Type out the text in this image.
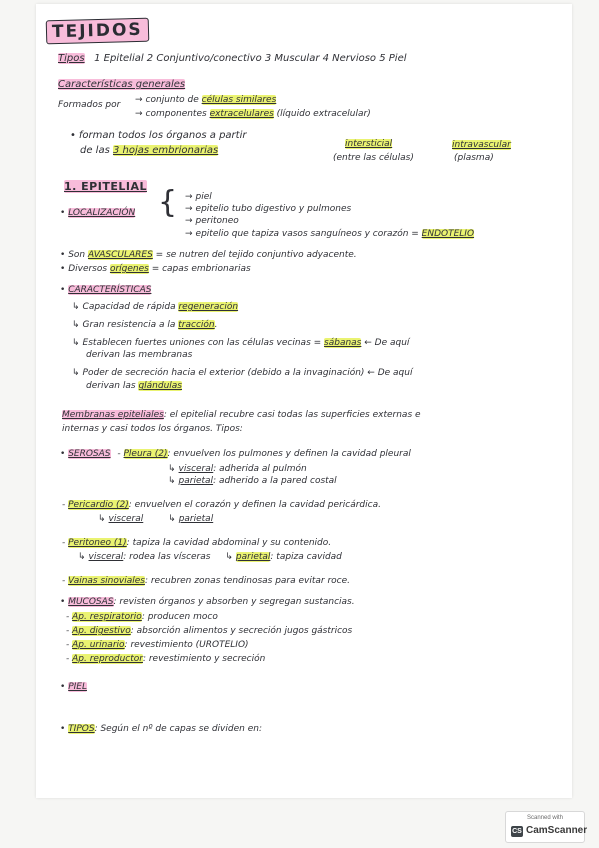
TEJIDOS
Tipos 1 Epitelial 2 Conjuntivo/conectivo 3 Muscular 4 Nervioso 5 Piel
Características generales
Formados por → conjunto de células similares
→ componentes extracelulares (líquido extracelular)
• forman todos los órganos a partir
de las 3 hojas embrionarias
intersticial
(entre las células)
intravascular
(plasma)
1. EPITELIAL
• LOCALIZACIÓN { → piel
→ epitelio tubo digestivo y pulmones
→ peritoneo
→ epitelio que tapiza vasos sanguíneos y corazón = ENDOTELIO
• Son AVASCULARES = se nutren del tejido conjuntivo adyacente.
• Diversos orígenes = capas embrionarias
• CARACTERÍSTICAS
↳ Capacidad de rápida regeneración
↳ Gran resistencia a la tracción.
↳ Establecen fuertes uniones con las células vecinas = sábanas ← De aquí
derivan las membranas
↳ Poder de secreción hacia el exterior (debido a la invaginación) ← De aquí
derivan las glándulas
Membranas epiteliales: el epitelial recubre casi todas las superficies externas e
internas y casi todos los órganos. Tipos:
• SEROSAS - Pleura (2): envuelven los pulmones y definen la cavidad pleural
↳ visceral: adherida al pulmón
↳ parietal: adherido a la pared costal
- Pericardio (2): envuelven el corazón y definen la cavidad pericárdica.
↳ visceral	↳ parietal
- Peritoneo (1): tapiza la cavidad abdominal y su contenido.
↳ visceral: rodea las vísceras ↳ parietal: tapiza cavidad
- Vainas sinoviales: recubren zonas tendinosas para evitar roce.
• MUCOSAS: revisten órganos y absorben y segregan sustancias.
- Ap. respiratorio: producen moco
- Ap. digestivo: absorción alimentos y secreción jugos gástricos
- Ap. urinario: revestimiento (UROTELIO)
- Ap. reproductor: revestimiento y secreción
• PIEL
• TIPOS: Según el nº de capas se dividen en:
Scanned with
CS CamScanner
